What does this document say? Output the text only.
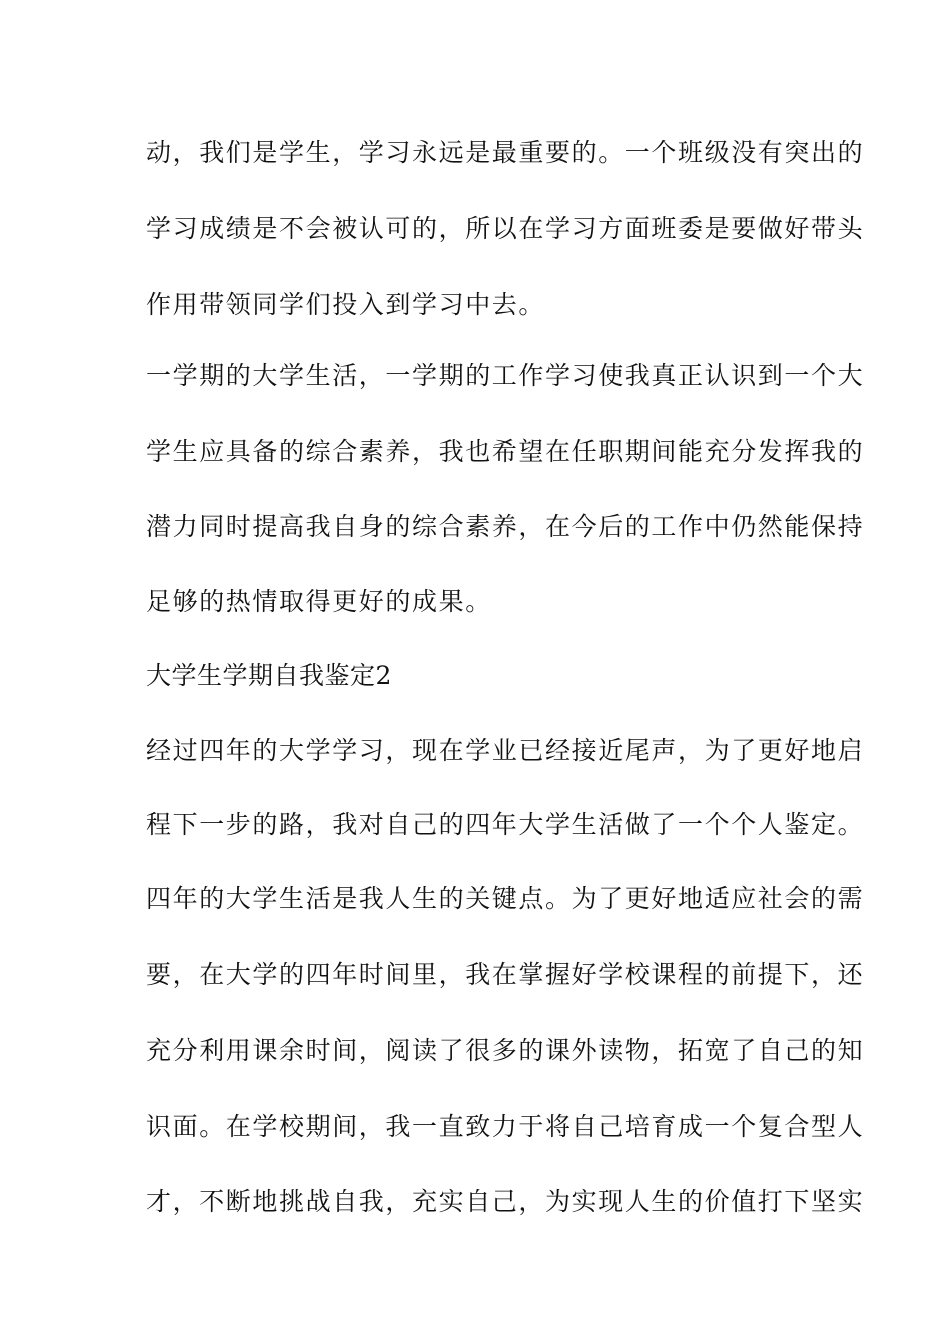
动，我们是学生，学习永远是最重要的。一个班级没有突出的
学习成绩是不会被认可的，所以在学习方面班委是要做好带头
作用带领同学们投入到学习中去。
一学期的大学生活，一学期的工作学习使我真正认识到一个大
学生应具备的综合素养，我也希望在任职期间能充分发挥我的
潜力同时提高我自身的综合素养，在今后的工作中仍然能保持
足够的热情取得更好的成果。
大学生学期自我鉴定2
经过四年的大学学习，现在学业已经接近尾声，为了更好地启
程下一步的路，我对自己的四年大学生活做了一个个人鉴定。
四年的大学生活是我人生的关键点。为了更好地适应社会的需
要，在大学的四年时间里，我在掌握好学校课程的前提下，还
充分利用课余时间，阅读了很多的课外读物，拓宽了自己的知
识面。在学校期间，我一直致力于将自己培育成一个复合型人
才，不断地挑战自我，充实自己，为实现人生的价值打下坚实
